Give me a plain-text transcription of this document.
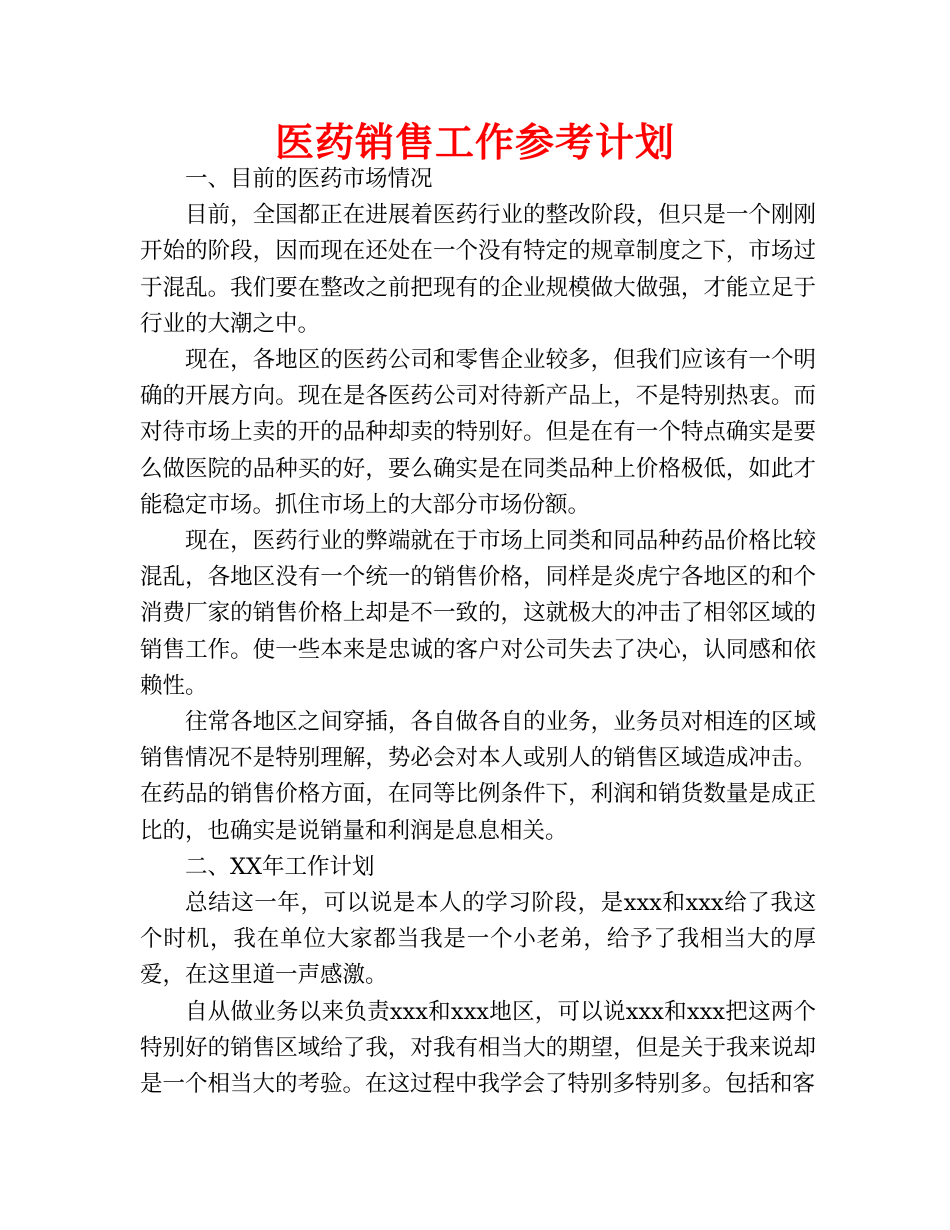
医药销售工作参考计划

一、目前的医药市场情况

目前，全国都正在进展着医药行业的整改阶段，但只是一个刚刚开始的阶段，因而现在还处在一个没有特定的规章制度之下，市场过于混乱。我们要在整改之前把现有的企业规模做大做强，才能立足于行业的大潮之中。

现在，各地区的医药公司和零售企业较多，但我们应该有一个明确的开展方向。现在是各医药公司对待新产品上，不是特别热衷。而对待市场上卖的开的品种却卖的特别好。但是在有一个特点确实是要么做医院的品种买的好，要么确实是在同类品种上价格极低，如此才能稳定市场。抓住市场上的大部分市场份额。

现在，医药行业的弊端就在于市场上同类和同品种药品价格比较混乱，各地区没有一个统一的销售价格，同样是炎虎宁各地区的和个消费厂家的销售价格上却是不一致的，这就极大的冲击了相邻区域的销售工作。使一些本来是忠诚的客户对公司失去了决心，认同感和依赖性。

往常各地区之间穿插，各自做各自的业务，业务员对相连的区域销售情况不是特别理解，势必会对本人或别人的销售区域造成冲击。在药品的销售价格方面，在同等比例条件下，利润和销货数量是成正比的，也确实是说销量和利润是息息相关。

二、XX年工作计划

总结这一年，可以说是本人的学习阶段，是xxx和xxx给了我这个时机，我在单位大家都当我是一个小老弟，给予了我相当大的厚爱，在这里道一声感激。

自从做业务以来负责xxx和xxx地区，可以说xxx和xxx把这两个特别好的销售区域给了我，对我有相当大的期望，但是关于我来说却是一个相当大的考验。在这过程中我学会了特别多特别多。包括和客
